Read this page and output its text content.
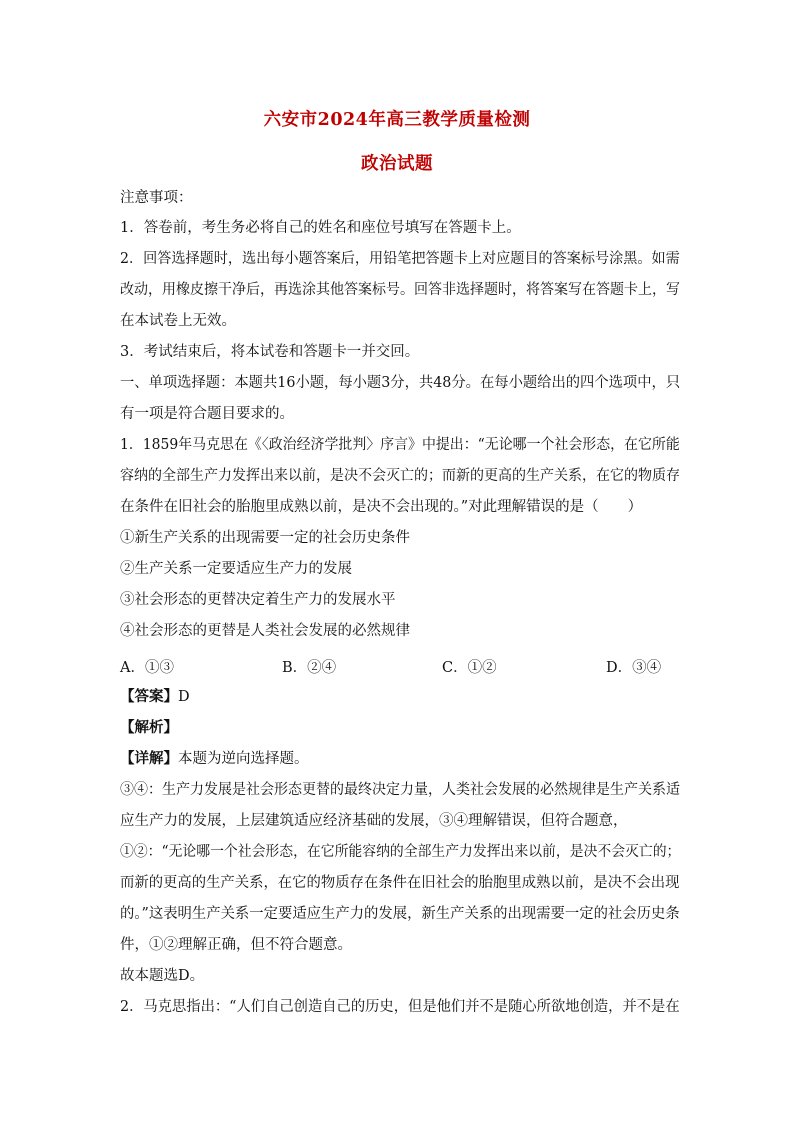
六安市2024年高三教学质量检测
政治试题
注意事项：
1．答卷前，考生务必将自己的姓名和座位号填写在答题卡上。
2．回答选择题时，选出每小题答案后，用铅笔把答题卡上对应题目的答案标号涂黑。如需
改动，用橡皮擦干净后，再选涂其他答案标号。回答非选择题时，将答案写在答题卡上，写
在本试卷上无效。
3．考试结束后，将本试卷和答题卡一并交回。
一、单项选择题：本题共16小题，每小题3分，共48分。在每小题给出的四个选项中，只
有一项是符合题目要求的。
1．1859年马克思在《〈政治经济学批判〉序言》中提出：“无论哪一个社会形态，在它所能
容纳的全部生产力发挥出来以前，是决不会灭亡的；而新的更高的生产关系，在它的物质存
在条件在旧社会的胎胞里成熟以前，是决不会出现的。”对此理解错误的是（　　）
①新生产关系的出现需要一定的社会历史条件
②生产关系一定要适应生产力的发展
③社会形态的更替决定着生产力的发展水平
④社会形态的更替是人类社会发展的必然规律
A．①③	B．②④	C．①②	D．③④
【答案】D
【解析】
【详解】本题为逆向选择题。
③④：生产力发展是社会形态更替的最终决定力量，人类社会发展的必然规律是生产关系适
应生产力的发展，上层建筑适应经济基础的发展，③④理解错误，但符合题意，
①②：“无论哪一个社会形态，在它所能容纳的全部生产力发挥出来以前，是决不会灭亡的；
而新的更高的生产关系，在它的物质存在条件在旧社会的胎胞里成熟以前，是决不会出现
的。”这表明生产关系一定要适应生产力的发展，新生产关系的出现需要一定的社会历史条
件，①②理解正确，但不符合题意。
故本题选D。
2．马克思指出：“人们自己创造自己的历史，但是他们并不是随心所欲地创造，并不是在
